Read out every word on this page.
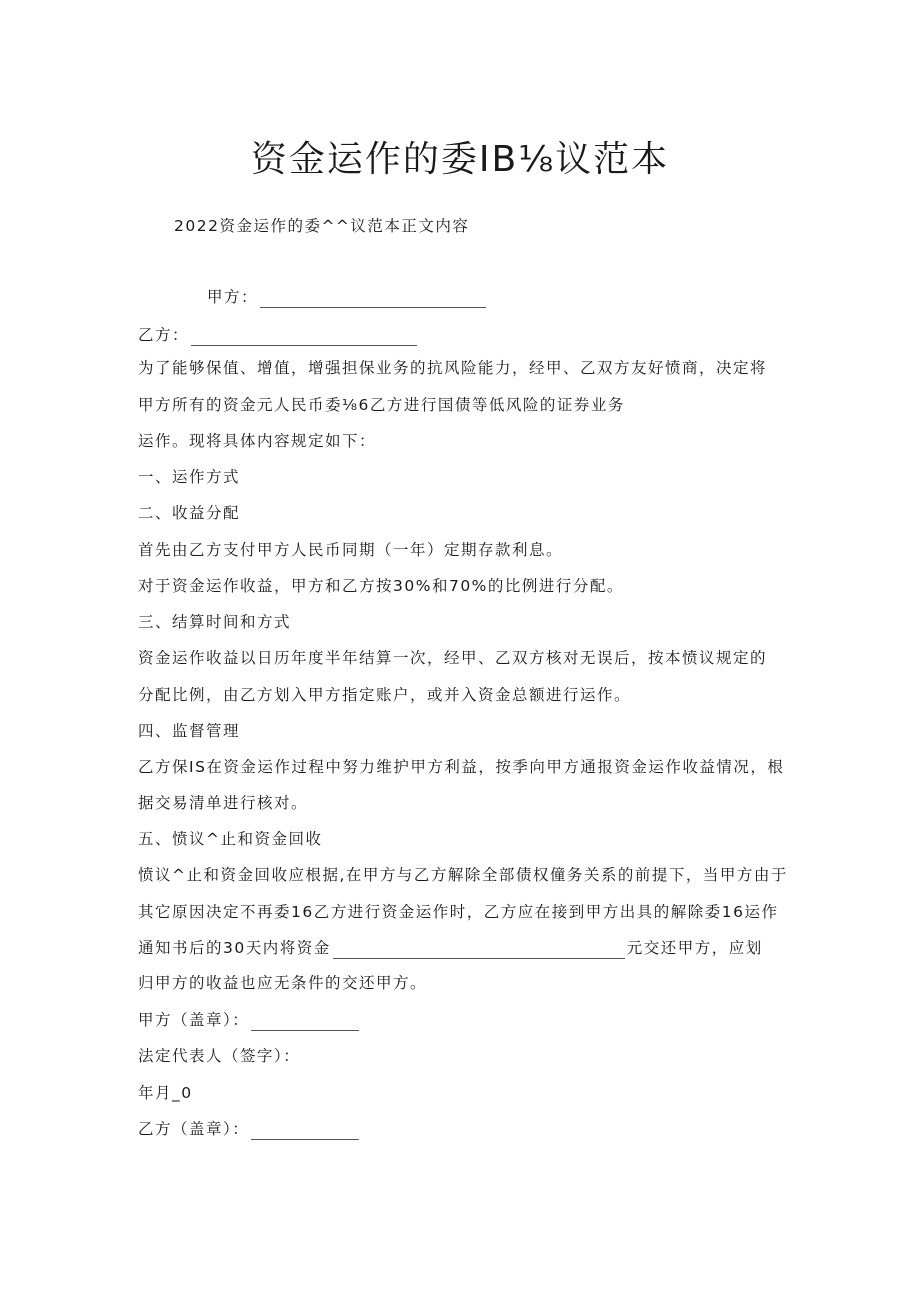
资金运作的委IB⅛议范本
2022资金运作的委^^议范本正文内容
甲方：
乙方：
为了能够保值、增值，增强担保业务的抗风险能力，经甲、乙双方友好愤商，决定将
甲方所有的资金元人民币委⅛6乙方进行国债等低风险的证券业务
运作。现将具体内容规定如下：
一、运作方式
二、收益分配
首先由乙方支付甲方人民币同期（一年）定期存款利息。
对于资金运作收益，甲方和乙方按30%和70%的比例进行分配。
三、结算时间和方式
资金运作收益以日历年度半年结算一次，经甲、乙双方核对无误后，按本愤议规定的
分配比例，由乙方划入甲方指定账户，或并入资金总额进行运作。
四、监督管理
乙方保IS在资金运作过程中努力维护甲方利益，按季向甲方通报资金运作收益情况，根
据交易清单进行核对。
五、愤议^止和资金回收
愤议^止和资金回收应根据,在甲方与乙方解除全部债权僮务关系的前提下，当甲方由于
其它原因决定不再委16乙方进行资金运作时，乙方应在接到甲方出具的解除委16运作
通知书后的30天内将资金	元交还甲方，应划
归甲方的收益也应无条件的交还甲方。
甲方（盖章）：
法定代表人（签字）：
年月_0
乙方（盖章）：
